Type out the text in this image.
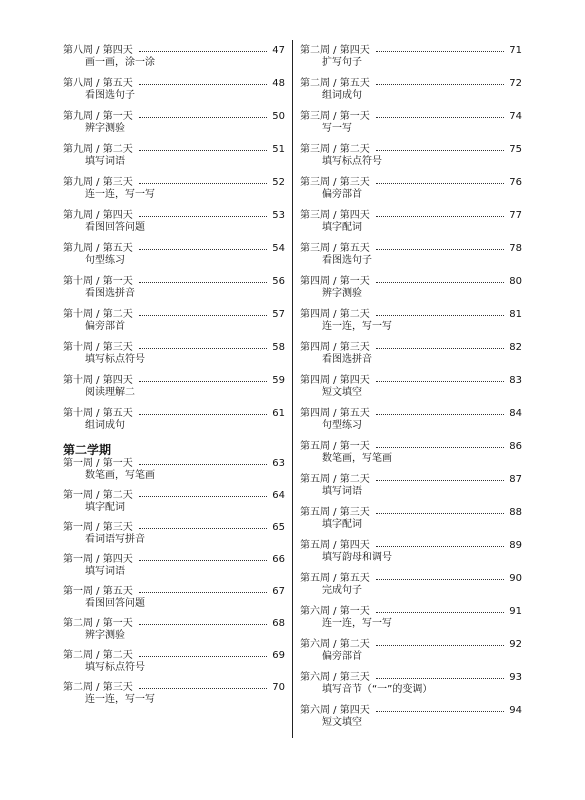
第八周 / 第四天	47
画一画，涂一涂
第八周 / 第五天	48
看图选句子
第九周 / 第一天	50
辨字测验
第九周 / 第二天	51
填写词语
第九周 / 第三天	52
连一连，写一写
第九周 / 第四天	53
看图回答问题
第九周 / 第五天	54
句型练习
第十周 / 第一天	56
看图选拼音
第十周 / 第二天	57
偏旁部首
第十周 / 第三天	58
填写标点符号
第十周 / 第四天	59
阅读理解二
第十周 / 第五天	61
组词成句
第二学期
第一周 / 第一天	63
数笔画，写笔画
第一周 / 第二天	64
填字配词
第一周 / 第三天	65
看词语写拼音
第一周 / 第四天	66
填写词语
第一周 / 第五天	67
看图回答问题
第二周 / 第一天	68
辨字测验
第二周 / 第二天	69
填写标点符号
第二周 / 第三天	70
连一连，写一写
第二周 / 第四天	71
扩写句子
第二周 / 第五天	72
组词成句
第三周 / 第一天	74
写一写
第三周 / 第二天	75
填写标点符号
第三周 / 第三天	76
偏旁部首
第三周 / 第四天	77
填字配词
第三周 / 第五天	78
看图选句子
第四周 / 第一天	80
辨字测验
第四周 / 第二天	81
连一连，写一写
第四周 / 第三天	82
看图选拼音
第四周 / 第四天	83
短文填空
第四周 / 第五天	84
句型练习
第五周 / 第一天	86
数笔画，写笔画
第五周 / 第二天	87
填写词语
第五周 / 第三天	88
填字配词
第五周 / 第四天	89
填写韵母和调号
第五周 / 第五天	90
完成句子
第六周 / 第一天	91
连一连，写一写
第六周 / 第二天	92
偏旁部首
第六周 / 第三天	93
填写音节（“一”的变调）
第六周 / 第四天	94
短文填空
